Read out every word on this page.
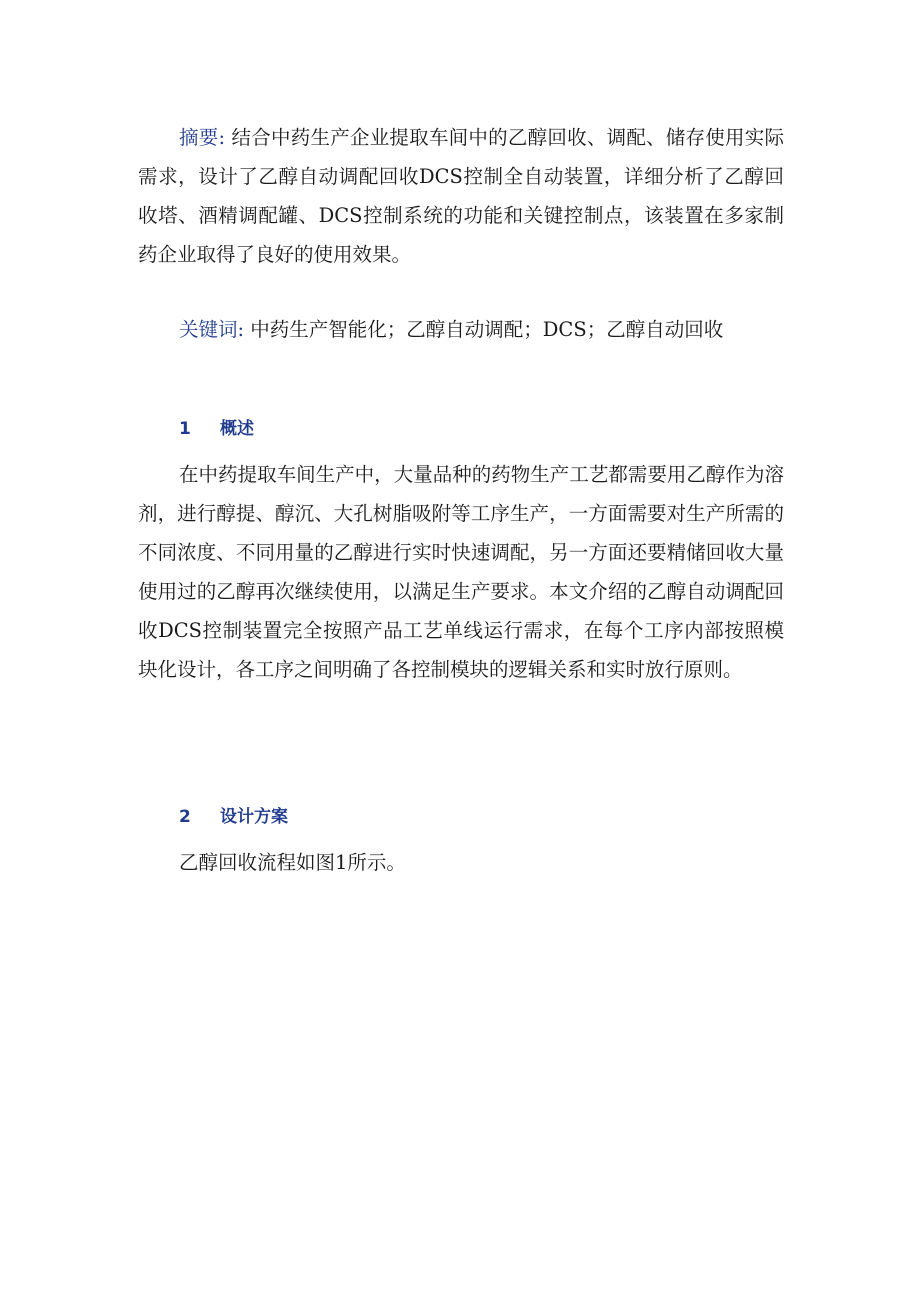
摘要: 结合中药生产企业提取车间中的乙醇回收、调配、储存使用实际需求，设计了乙醇自动调配回收DCS控制全自动装置，详细分析了乙醇回收塔、酒精调配罐、DCS控制系统的功能和关键控制点，该装置在多家制药企业取得了良好的使用效果。

关键词: 中药生产智能化；乙醇自动调配；DCS；乙醇自动回收

1 概述

在中药提取车间生产中，大量品种的药物生产工艺都需要用乙醇作为溶剂，进行醇提、醇沉、大孔树脂吸附等工序生产，一方面需要对生产所需的不同浓度、不同用量的乙醇进行实时快速调配，另一方面还要精储回收大量使用过的乙醇再次继续使用，以满足生产要求。本文介绍的乙醇自动调配回收DCS控制装置完全按照产品工艺单线运行需求，在每个工序内部按照模块化设计，各工序之间明确了各控制模块的逻辑关系和实时放行原则。

2 设计方案

乙醇回收流程如图1所示。
